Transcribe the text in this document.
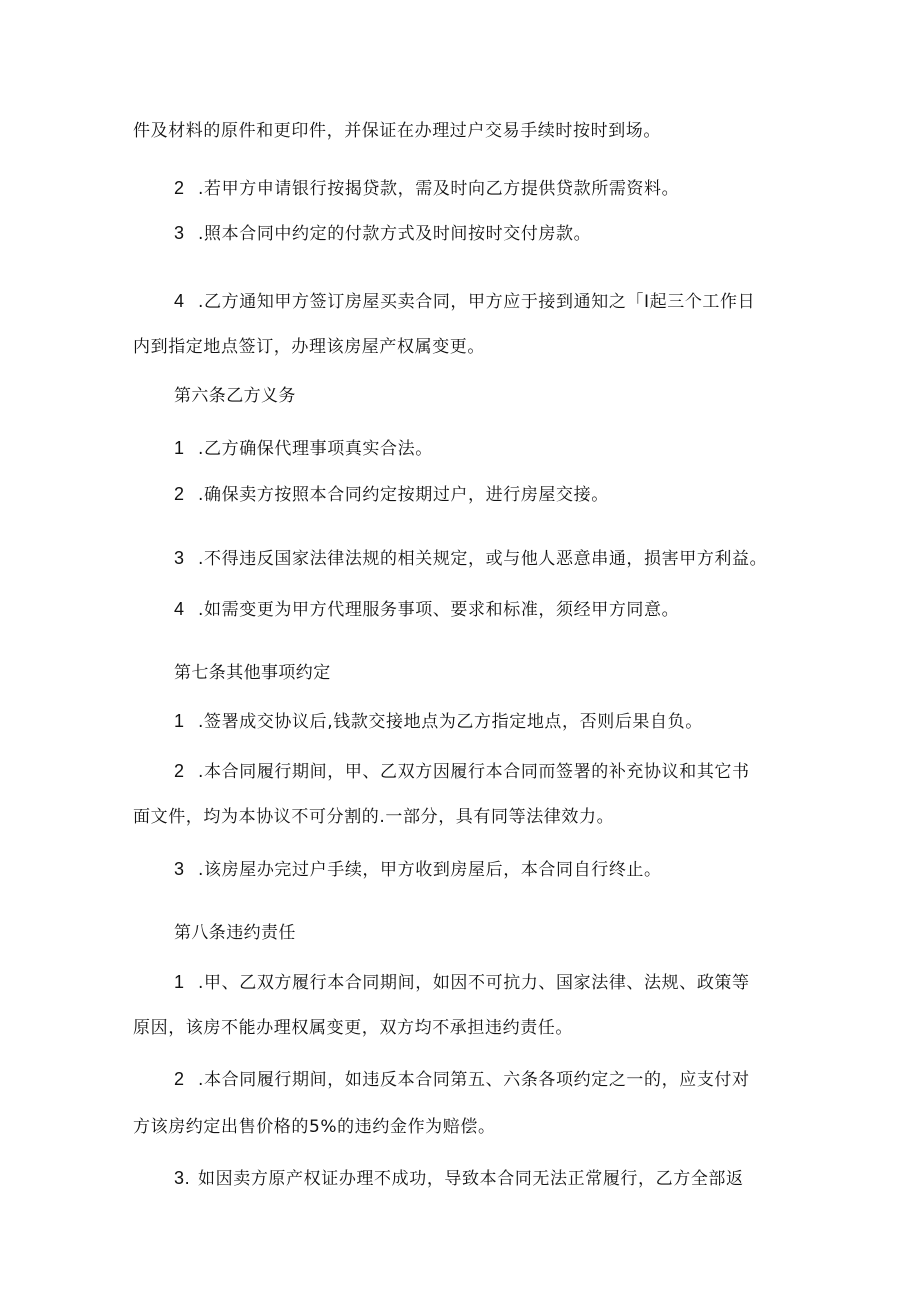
件及材料的原件和更印件，并保证在办理过户交易手续时按时到场。
2 .若甲方申请银行按揭贷款，需及时向乙方提供贷款所需资料。
3 .照本合同中约定的付款方式及时间按时交付房款。
4 .乙方通知甲方签订房屋买卖合同，甲方应于接到通知之「I起三个工作日
内到指定地点签订，办理该房屋产权属变更。
第六条乙方义务
1 .乙方确保代理事项真实合法。
2 .确保卖方按照本合同约定按期过户，进行房屋交接。
3 .不得违反国家法律法规的相关规定，或与他人恶意串通，损害甲方利益。
4 .如需变更为甲方代理服务事项、要求和标准，须经甲方同意。
第七条其他事项约定
1 .签署成交协议后,钱款交接地点为乙方指定地点，否则后果自负。
2 .本合同履行期间，甲、乙双方因履行本合同而签署的补充协议和其它书
面文件，均为本协议不可分割的.一部分，具有同等法律效力。
3 .该房屋办完过户手续，甲方收到房屋后，本合同自行终止。
第八条违约责任
1 .甲、乙双方履行本合同期间，如因不可抗力、国家法律、法规、政策等
原因，该房不能办理权属变更，双方均不承担违约责任。
2 .本合同履行期间，如违反本合同第五、六条各项约定之一的，应支付对
方该房约定出售价格的5%的违约金作为赔偿。
3. 如因卖方原产权证办理不成功，导致本合同无法正常履行，乙方全部返
